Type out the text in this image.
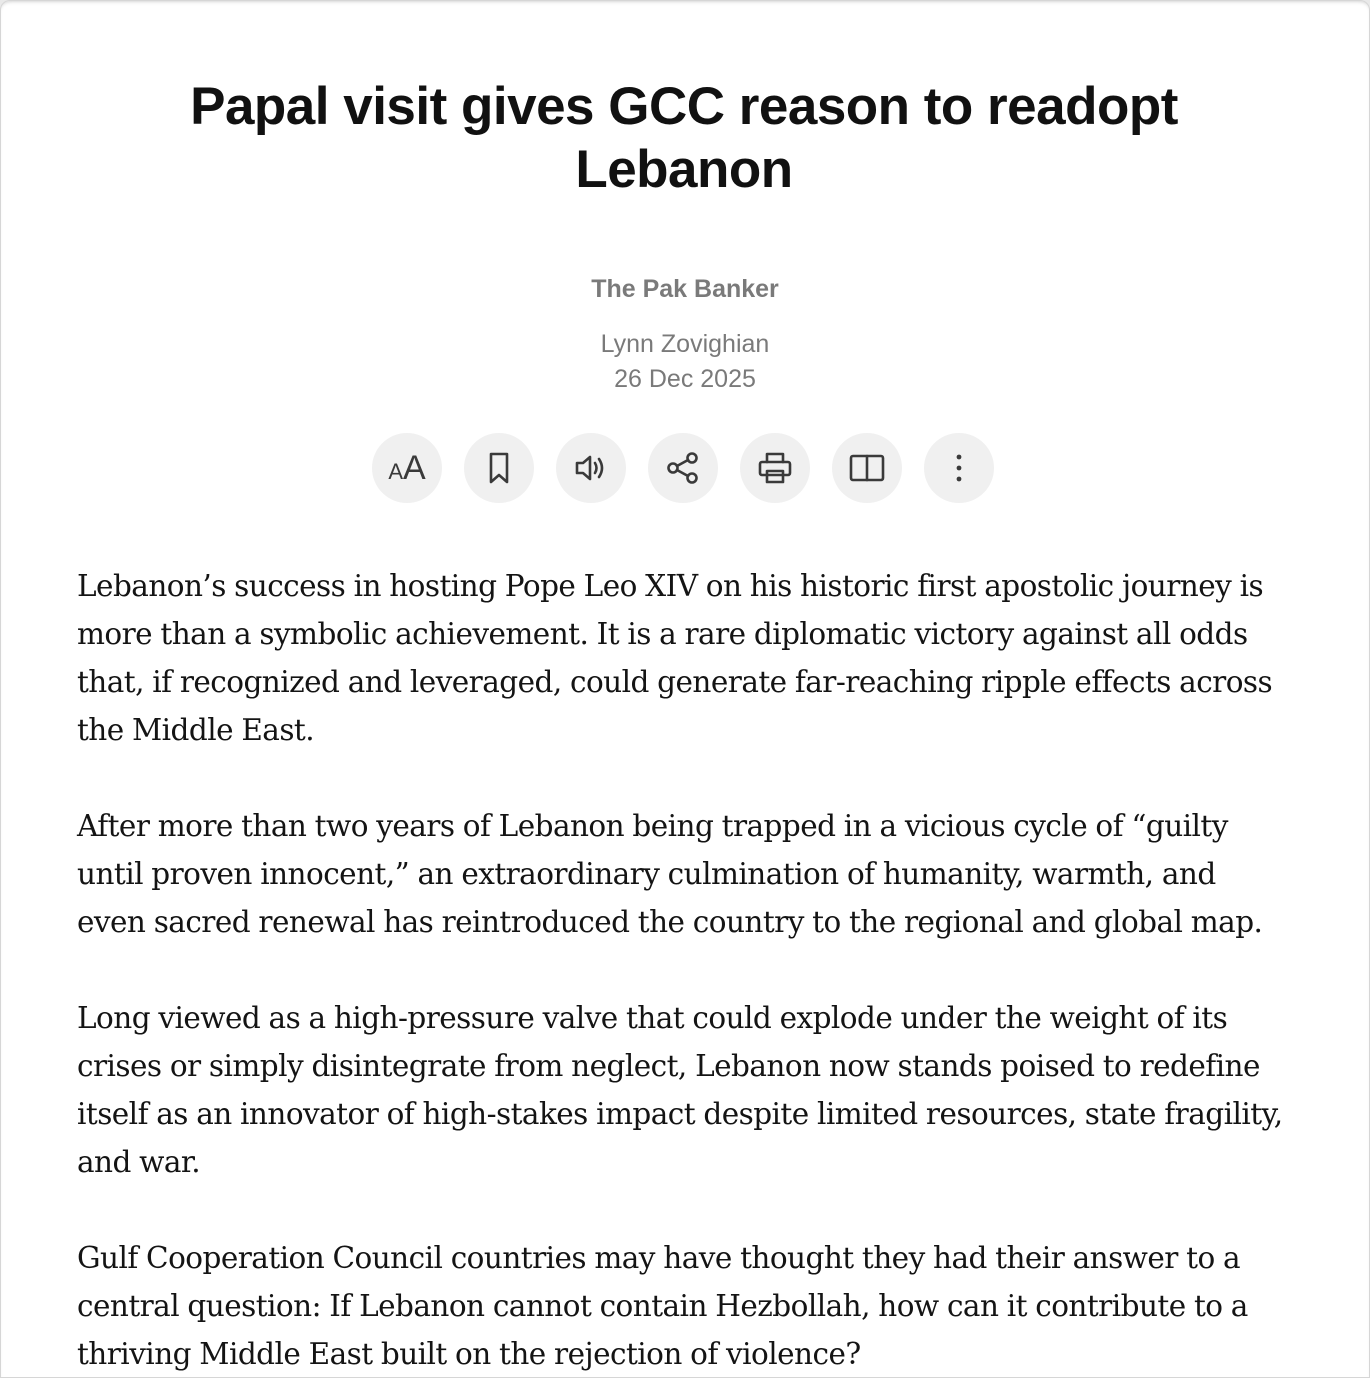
Papal visit gives GCC reason to readopt Lebanon
The Pak Banker
Lynn Zovighian
26 Dec 2025
A A

Lebanon’s success in hosting Pope Leo XIV on his historic first apostolic journey is more than a symbolic achievement. It is a rare diplomatic victory against all odds that, if recognized and leveraged, could generate far-reaching ripple effects across the Middle East.

After more than two years of Lebanon being trapped in a vicious cycle of “guilty until proven innocent,” an extraordinary culmination of humanity, warmth, and even sacred renewal has reintroduced the country to the regional and global map.

Long viewed as a high-pressure valve that could explode under the weight of its crises or simply disintegrate from neglect, Lebanon now stands poised to redefine itself as an innovator of high-stakes impact despite limited resources, state fragility, and war.

Gulf Cooperation Council countries may have thought they had their answer to a central question: If Lebanon cannot contain Hezbollah, how can it contribute to a thriving Middle East built on the rejection of violence?
